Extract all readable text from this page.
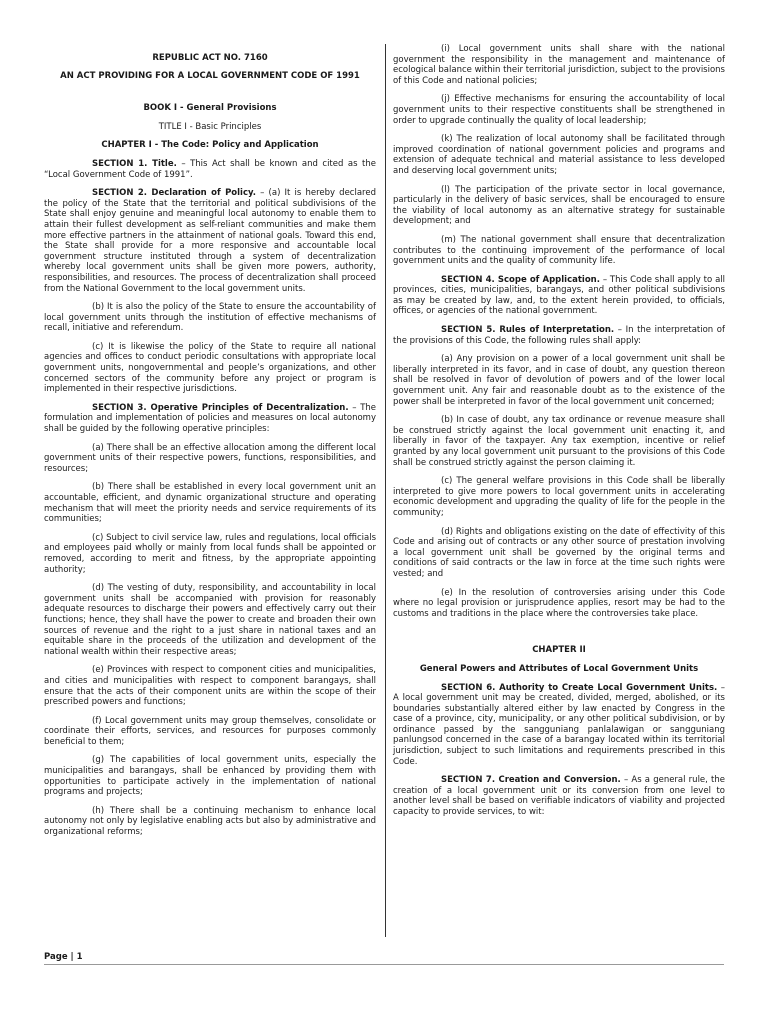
REPUBLIC ACT NO. 7160

AN ACT PROVIDING FOR A LOCAL GOVERNMENT CODE OF 1991

BOOK I - General Provisions

TITLE I - Basic Principles

CHAPTER I - The Code: Policy and Application

SECTION 1. Title. – This Act shall be known and cited as the “Local Government Code of 1991”.

SECTION 2. Declaration of Policy. – (a) It is hereby declared the policy of the State that the territorial and political subdivisions of the State shall enjoy genuine and meaningful local autonomy to enable them to attain their fullest development as self-reliant communities and make them more effective partners in the attainment of national goals. Toward this end, the State shall provide for a more responsive and accountable local government structure instituted through a system of decentralization whereby local government units shall be given more powers, authority, responsibilities, and resources. The process of decentralization shall proceed from the National Government to the local government units.

(b) It is also the policy of the State to ensure the accountability of local government units through the institution of effective mechanisms of recall, initiative and referendum.

(c) It is likewise the policy of the State to require all national agencies and offices to conduct periodic consultations with appropriate local government units, nongovernmental and people’s organizations, and other concerned sectors of the community before any project or program is implemented in their respective jurisdictions.

SECTION 3. Operative Principles of Decentralization. – The formulation and implementation of policies and measures on local autonomy shall be guided by the following operative principles:

(a) There shall be an effective allocation among the different local government units of their respective powers, functions, responsibilities, and resources;

(b) There shall be established in every local government unit an accountable, efficient, and dynamic organizational structure and operating mechanism that will meet the priority needs and service requirements of its communities;

(c) Subject to civil service law, rules and regulations, local officials and employees paid wholly or mainly from local funds shall be appointed or removed, according to merit and fitness, by the appropriate appointing authority;

(d) The vesting of duty, responsibility, and accountability in local government units shall be accompanied with provision for reasonably adequate resources to discharge their powers and effectively carry out their functions; hence, they shall have the power to create and broaden their own sources of revenue and the right to a just share in national taxes and an equitable share in the proceeds of the utilization and development of the national wealth within their respective areas;

(e) Provinces with respect to component cities and municipalities, and cities and municipalities with respect to component barangays, shall ensure that the acts of their component units are within the scope of their prescribed powers and functions;

(f) Local government units may group themselves, consolidate or coordinate their efforts, services, and resources for purposes commonly beneficial to them;

(g) The capabilities of local government units, especially the municipalities and barangays, shall be enhanced by providing them with opportunities to participate actively in the implementation of national programs and projects;

(h) There shall be a continuing mechanism to enhance local autonomy not only by legislative enabling acts but also by administrative and organizational reforms;

(i) Local government units shall share with the national government the responsibility in the management and maintenance of ecological balance within their territorial jurisdiction, subject to the provisions of this Code and national policies;

(j) Effective mechanisms for ensuring the accountability of local government units to their respective constituents shall be strengthened in order to upgrade continually the quality of local leadership;

(k) The realization of local autonomy shall be facilitated through improved coordination of national government policies and programs and extension of adequate technical and material assistance to less developed and deserving local government units;

(l) The participation of the private sector in local governance, particularly in the delivery of basic services, shall be encouraged to ensure the viability of local autonomy as an alternative strategy for sustainable development; and

(m) The national government shall ensure that decentralization contributes to the continuing improvement of the performance of local government units and the quality of community life.

SECTION 4. Scope of Application. – This Code shall apply to all provinces, cities, municipalities, barangays, and other political subdivisions as may be created by law, and, to the extent herein provided, to officials, offices, or agencies of the national government.

SECTION 5. Rules of Interpretation. – In the interpretation of the provisions of this Code, the following rules shall apply:

(a) Any provision on a power of a local government unit shall be liberally interpreted in its favor, and in case of doubt, any question thereon shall be resolved in favor of devolution of powers and of the lower local government unit. Any fair and reasonable doubt as to the existence of the power shall be interpreted in favor of the local government unit concerned;

(b) In case of doubt, any tax ordinance or revenue measure shall be construed strictly against the local government unit enacting it, and liberally in favor of the taxpayer. Any tax exemption, incentive or relief granted by any local government unit pursuant to the provisions of this Code shall be construed strictly against the person claiming it.

(c) The general welfare provisions in this Code shall be liberally interpreted to give more powers to local government units in accelerating economic development and upgrading the quality of life for the people in the community;

(d) Rights and obligations existing on the date of effectivity of this Code and arising out of contracts or any other source of prestation involving a local government unit shall be governed by the original terms and conditions of said contracts or the law in force at the time such rights were vested; and

(e) In the resolution of controversies arising under this Code where no legal provision or jurisprudence applies, resort may be had to the customs and traditions in the place where the controversies take place.

CHAPTER II

General Powers and Attributes of Local Government Units

SECTION 6. Authority to Create Local Government Units. – A local government unit may be created, divided, merged, abolished, or its boundaries substantially altered either by law enacted by Congress in the case of a province, city, municipality, or any other political subdivision, or by ordinance passed by the sangguniang panlalawigan or sangguniang panlungsod concerned in the case of a barangay located within its territorial jurisdiction, subject to such limitations and requirements prescribed in this Code.

SECTION 7. Creation and Conversion. – As a general rule, the creation of a local government unit or its conversion from one level to another level shall be based on verifiable indicators of viability and projected capacity to provide services, to wit:

Page | 1
